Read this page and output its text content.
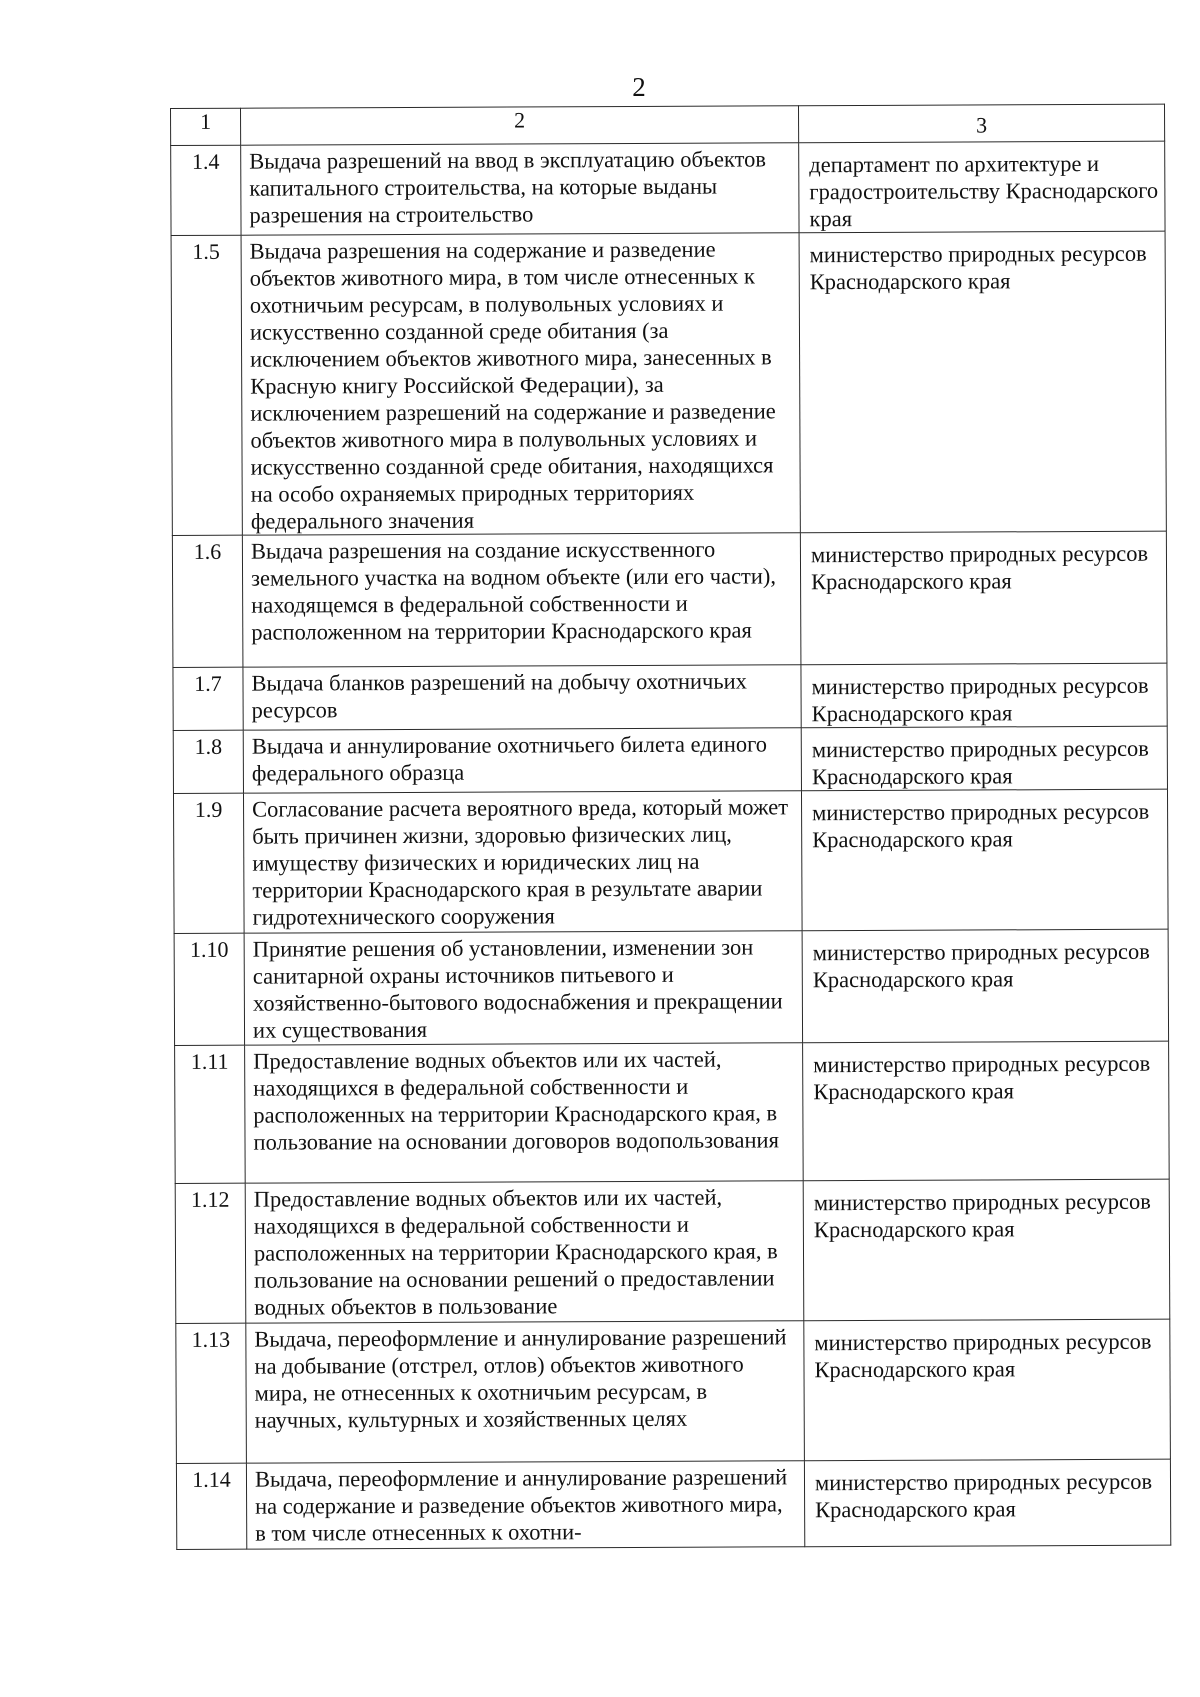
2
1	2	3
1.4	Выдача разрешений на ввод в эксплуатацию объектов капитального строительства, на которые выданы разрешения на строительство	департамент по архитектуре и градостроительству Краснодарского края
1.5	Выдача разрешения на содержание и разведение объектов животного мира, в том числе отнесенных к охотничьим ресурсам, в полувольных условиях и искусственно созданной среде обитания (за исключением объектов животного мира, занесенных в Красную книгу Российской Федерации), за исключением разрешений на содержание и разведение объектов животного мира в полувольных условиях и искусственно созданной среде обитания, находящихся на особо охраняемых природных территориях федерального значения	министерство природных ресурсов Краснодарского края
1.6	Выдача разрешения на создание искусственного земельного участка на водном объекте (или его части), находящемся в федеральной собственности и расположенном на территории Краснодарского края	министерство природных ресурсов Краснодарского края
1.7	Выдача бланков разрешений на добычу охотничьих ресурсов	министерство природных ресурсов Краснодарского края
1.8	Выдача и аннулирование охотничьего билета единого федерального образца	министерство природных ресурсов Краснодарского края
1.9	Согласование расчета вероятного вреда, который может быть причинен жизни, здоровью физических лиц, имуществу физических и юридических лиц на территории Краснодарского края в результате аварии гидротехнического сооружения	министерство природных ресурсов Краснодарского края
1.10	Принятие решения об установлении, изменении зон санитарной охраны источников питьевого и хозяйственно-бытового водоснабжения и прекращении их существования	министерство природных ресурсов Краснодарского края
1.11	Предоставление водных объектов или их частей, находящихся в федеральной собственности и расположенных на территории Краснодарского края, в пользование на основании договоров водопользования	министерство природных ресурсов Краснодарского края
1.12	Предоставление водных объектов или их частей, находящихся в федеральной собственности и расположенных на территории Краснодарского края, в пользование на основании решений о предоставлении водных объектов в пользование	министерство природных ресурсов Краснодарского края
1.13	Выдача, переоформление и аннулирование разрешений на добывание (отстрел, отлов) объектов животного мира, не отнесенных к охотничьим ресурсам, в научных, культурных и хозяйственных целях	министерство природных ресурсов Краснодарского края
1.14	Выдача, переоформление и аннулирование разрешений на содержание и разведение объектов животного мира, в том числе отнесенных к охотни-	министерство природных ресурсов Краснодарского края
